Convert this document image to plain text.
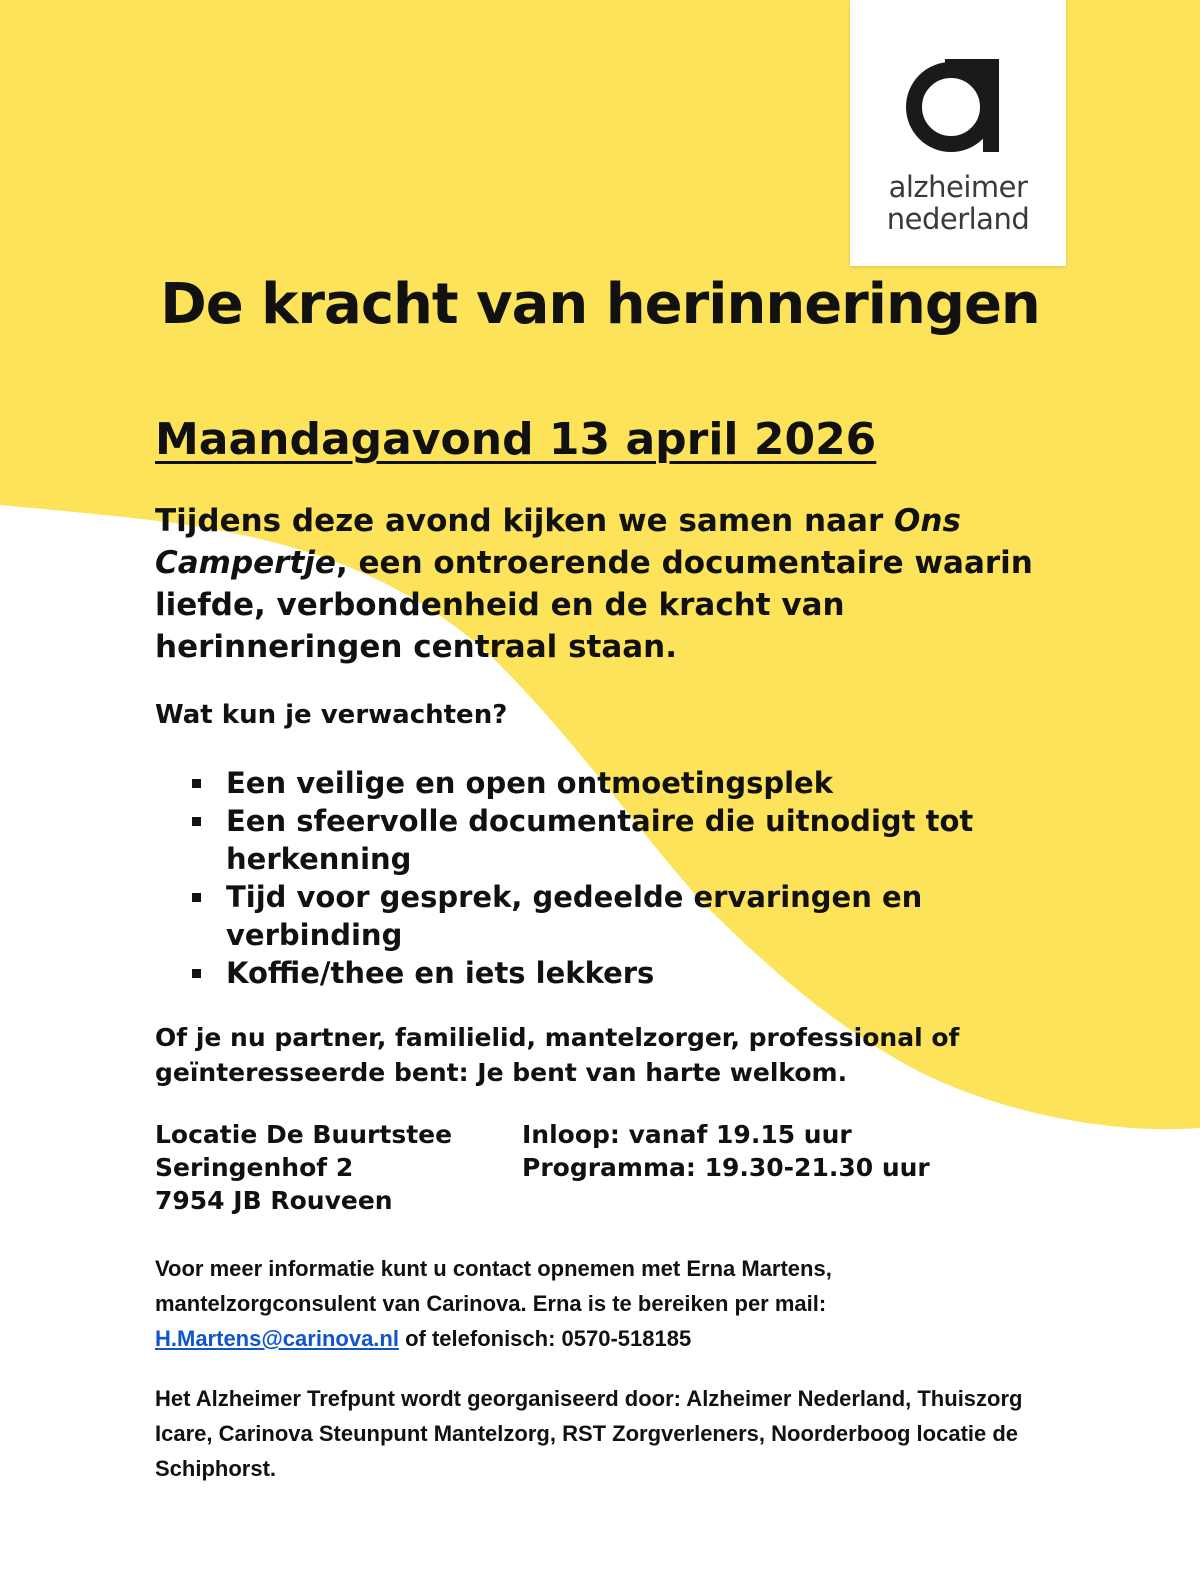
alzheimer
nederland
De kracht van herinneringen
Maandagavond 13 april 2026

Tijdens deze avond kijken we samen naar Ons Campertje, een ontroerende documentaire waarin liefde, verbondenheid en de kracht van herinneringen centraal staan.

Wat kun je verwachten?
Een veilige en open ontmoetingsplek
Een sfeervolle documentaire die uitnodigt tot herkenning
Tijd voor gesprek, gedeelde ervaringen en verbinding
Koffie/thee en iets lekkers

Of je nu partner, familielid, mantelzorger, professional of geïnteresseerde bent: Je bent van harte welkom.

Locatie De Buurtstee
Seringenhof 2
7954 JB Rouveen
Inloop: vanaf 19.15 uur
Programma: 19.30-21.30 uur

Voor meer informatie kunt u contact opnemen met Erna Martens, mantelzorgconsulent van Carinova. Erna is te bereiken per mail:
H.Martens@carinova.nl of telefonisch: 0570-518185

Het Alzheimer Trefpunt wordt georganiseerd door: Alzheimer Nederland, Thuiszorg Icare, Carinova Steunpunt Mantelzorg, RST Zorgverleners, Noorderboog locatie de Schiphorst.
